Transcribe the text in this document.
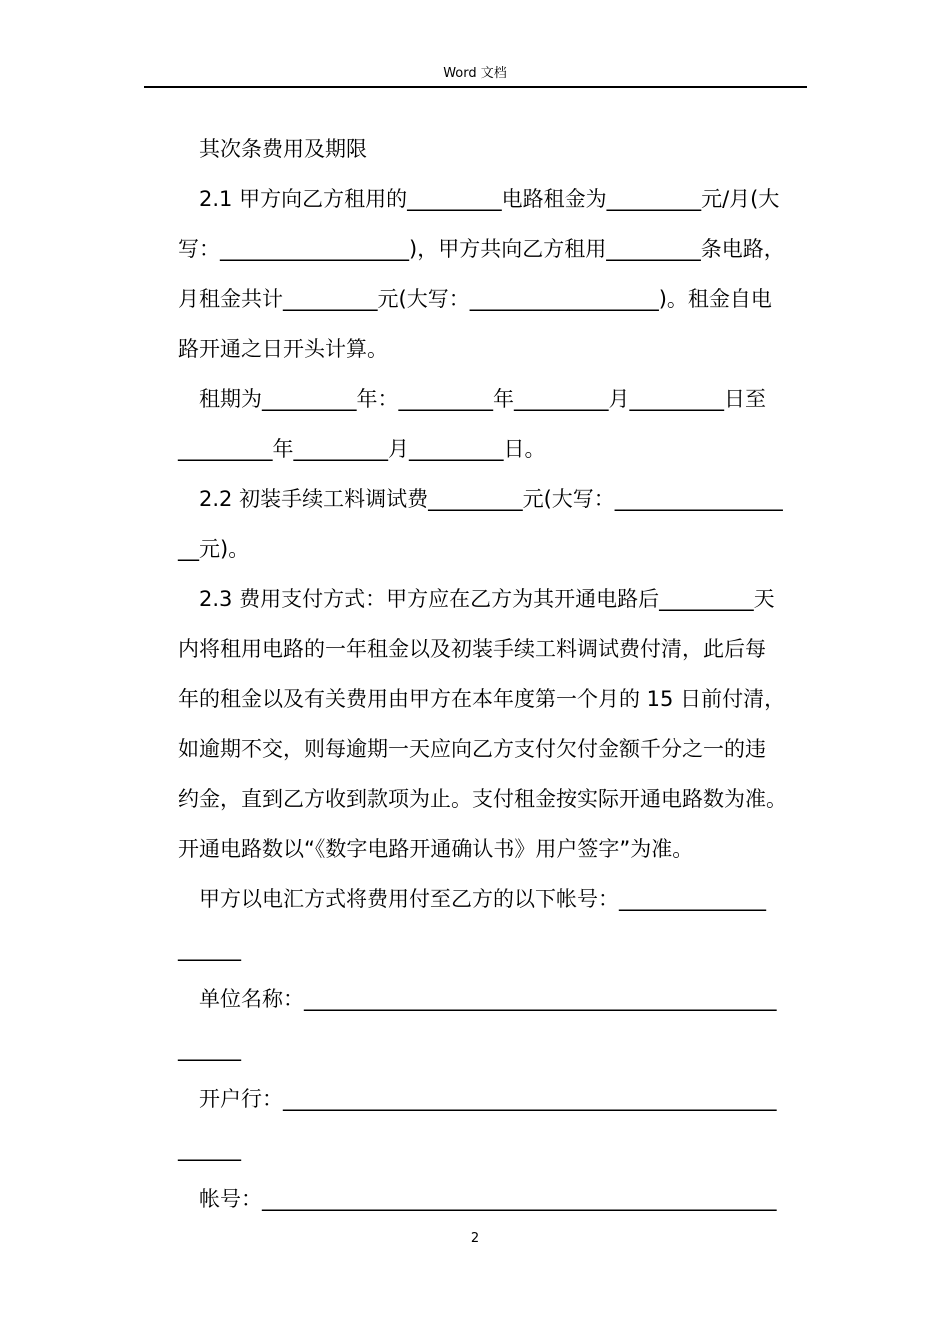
Word 文档
其次条费用及期限
2.1 甲方向乙方租用的_________电路租金为_________元/月(大
写：__________________)，甲方共向乙方租用_________条电路，
月租金共计_________元(大写：__________________)。租金自电
路开通之日开头计算。
租期为_________年：_________年_________月_________日至
_________年_________月_________日。
2.2 初装手续工料调试费_________元(大写：________________
__元)。
2.3 费用支付方式：甲方应在乙方为其开通电路后_________天
内将租用电路的一年租金以及初装手续工料调试费付清，此后每
年的租金以及有关费用由甲方在本年度第一个月的 15 日前付清，
如逾期不交，则每逾期一天应向乙方支付欠付金额千分之一的违
约金，直到乙方收到款项为止。支付租金按实际开通电路数为准。
开通电路数以“《数字电路开通确认书》用户签字”为准。
甲方以电汇方式将费用付至乙方的以下帐号：______________
______
单位名称：_____________________________________________
______
开户行：_______________________________________________
______
帐号：_________________________________________________
2
